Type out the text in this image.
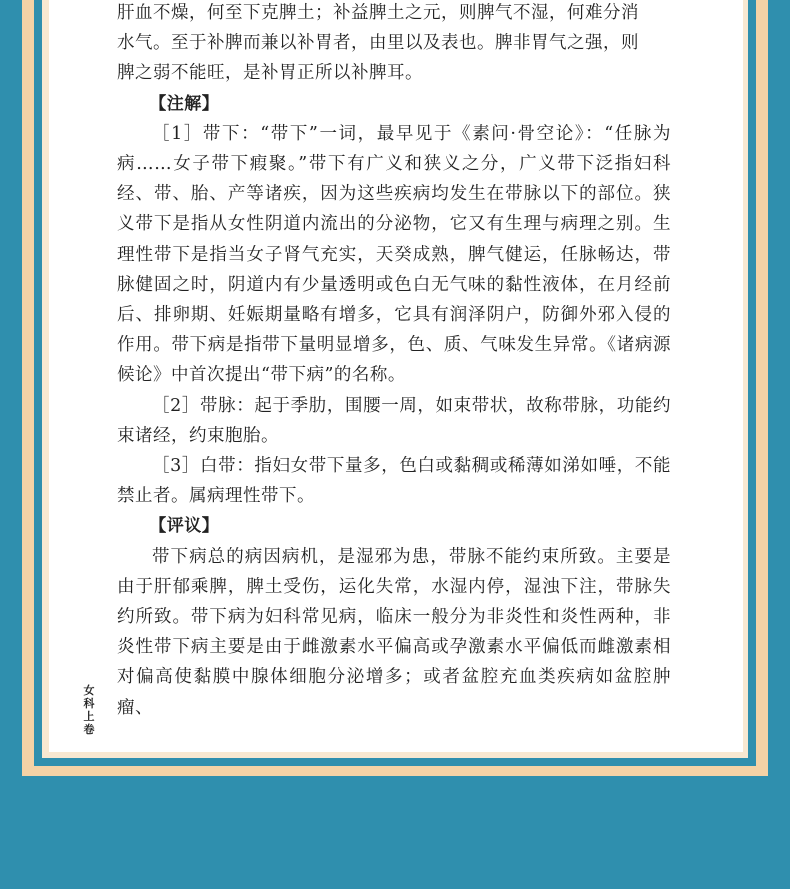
肝血不燥，何至下克脾土；补益脾土之元，则脾气不湿，何难分消

水气。至于补脾而兼以补胃者，由里以及表也。脾非胃气之强，则

脾之弱不能旺，是补胃正所以补脾耳。

【注解】

［1］带下：“带下”一词，最早见于《素问·骨空论》：“任脉为病……女子带下瘕聚。”带下有广义和狭义之分，广义带下泛指妇科经、带、胎、产等诸疾，因为这些疾病均发生在带脉以下的部位。狭义带下是指从女性阴道内流出的分泌物，它又有生理与病理之别。生理性带下是指当女子肾气充实，天癸成熟，脾气健运，任脉畅达，带脉健固之时，阴道内有少量透明或色白无气味的黏性液体，在月经前后、排卵期、妊娠期量略有增多，它具有润泽阴户，防御外邪入侵的作用。带下病是指带下量明显增多，色、质、气味发生异常。《诸病源候论》中首次提出“带下病”的名称。

［2］带脉：起于季肋，围腰一周，如束带状，故称带脉，功能约束诸经，约束胞胎。

［3］白带：指妇女带下量多，色白或黏稠或稀薄如涕如唾，不能禁止者。属病理性带下。

【评议】

带下病总的病因病机，是湿邪为患，带脉不能约束所致。主要是由于肝郁乘脾，脾土受伤，运化失常，水湿内停，湿浊下注，带脉失约所致。带下病为妇科常见病，临床一般分为非炎性和炎性两种，非炎性带下病主要是由于雌激素水平偏高或孕激素水平偏低而雌激素相对偏高使黏膜中腺体细胞分泌增多；或者盆腔充血类疾病如盆腔肿瘤、

女
科
上
卷
